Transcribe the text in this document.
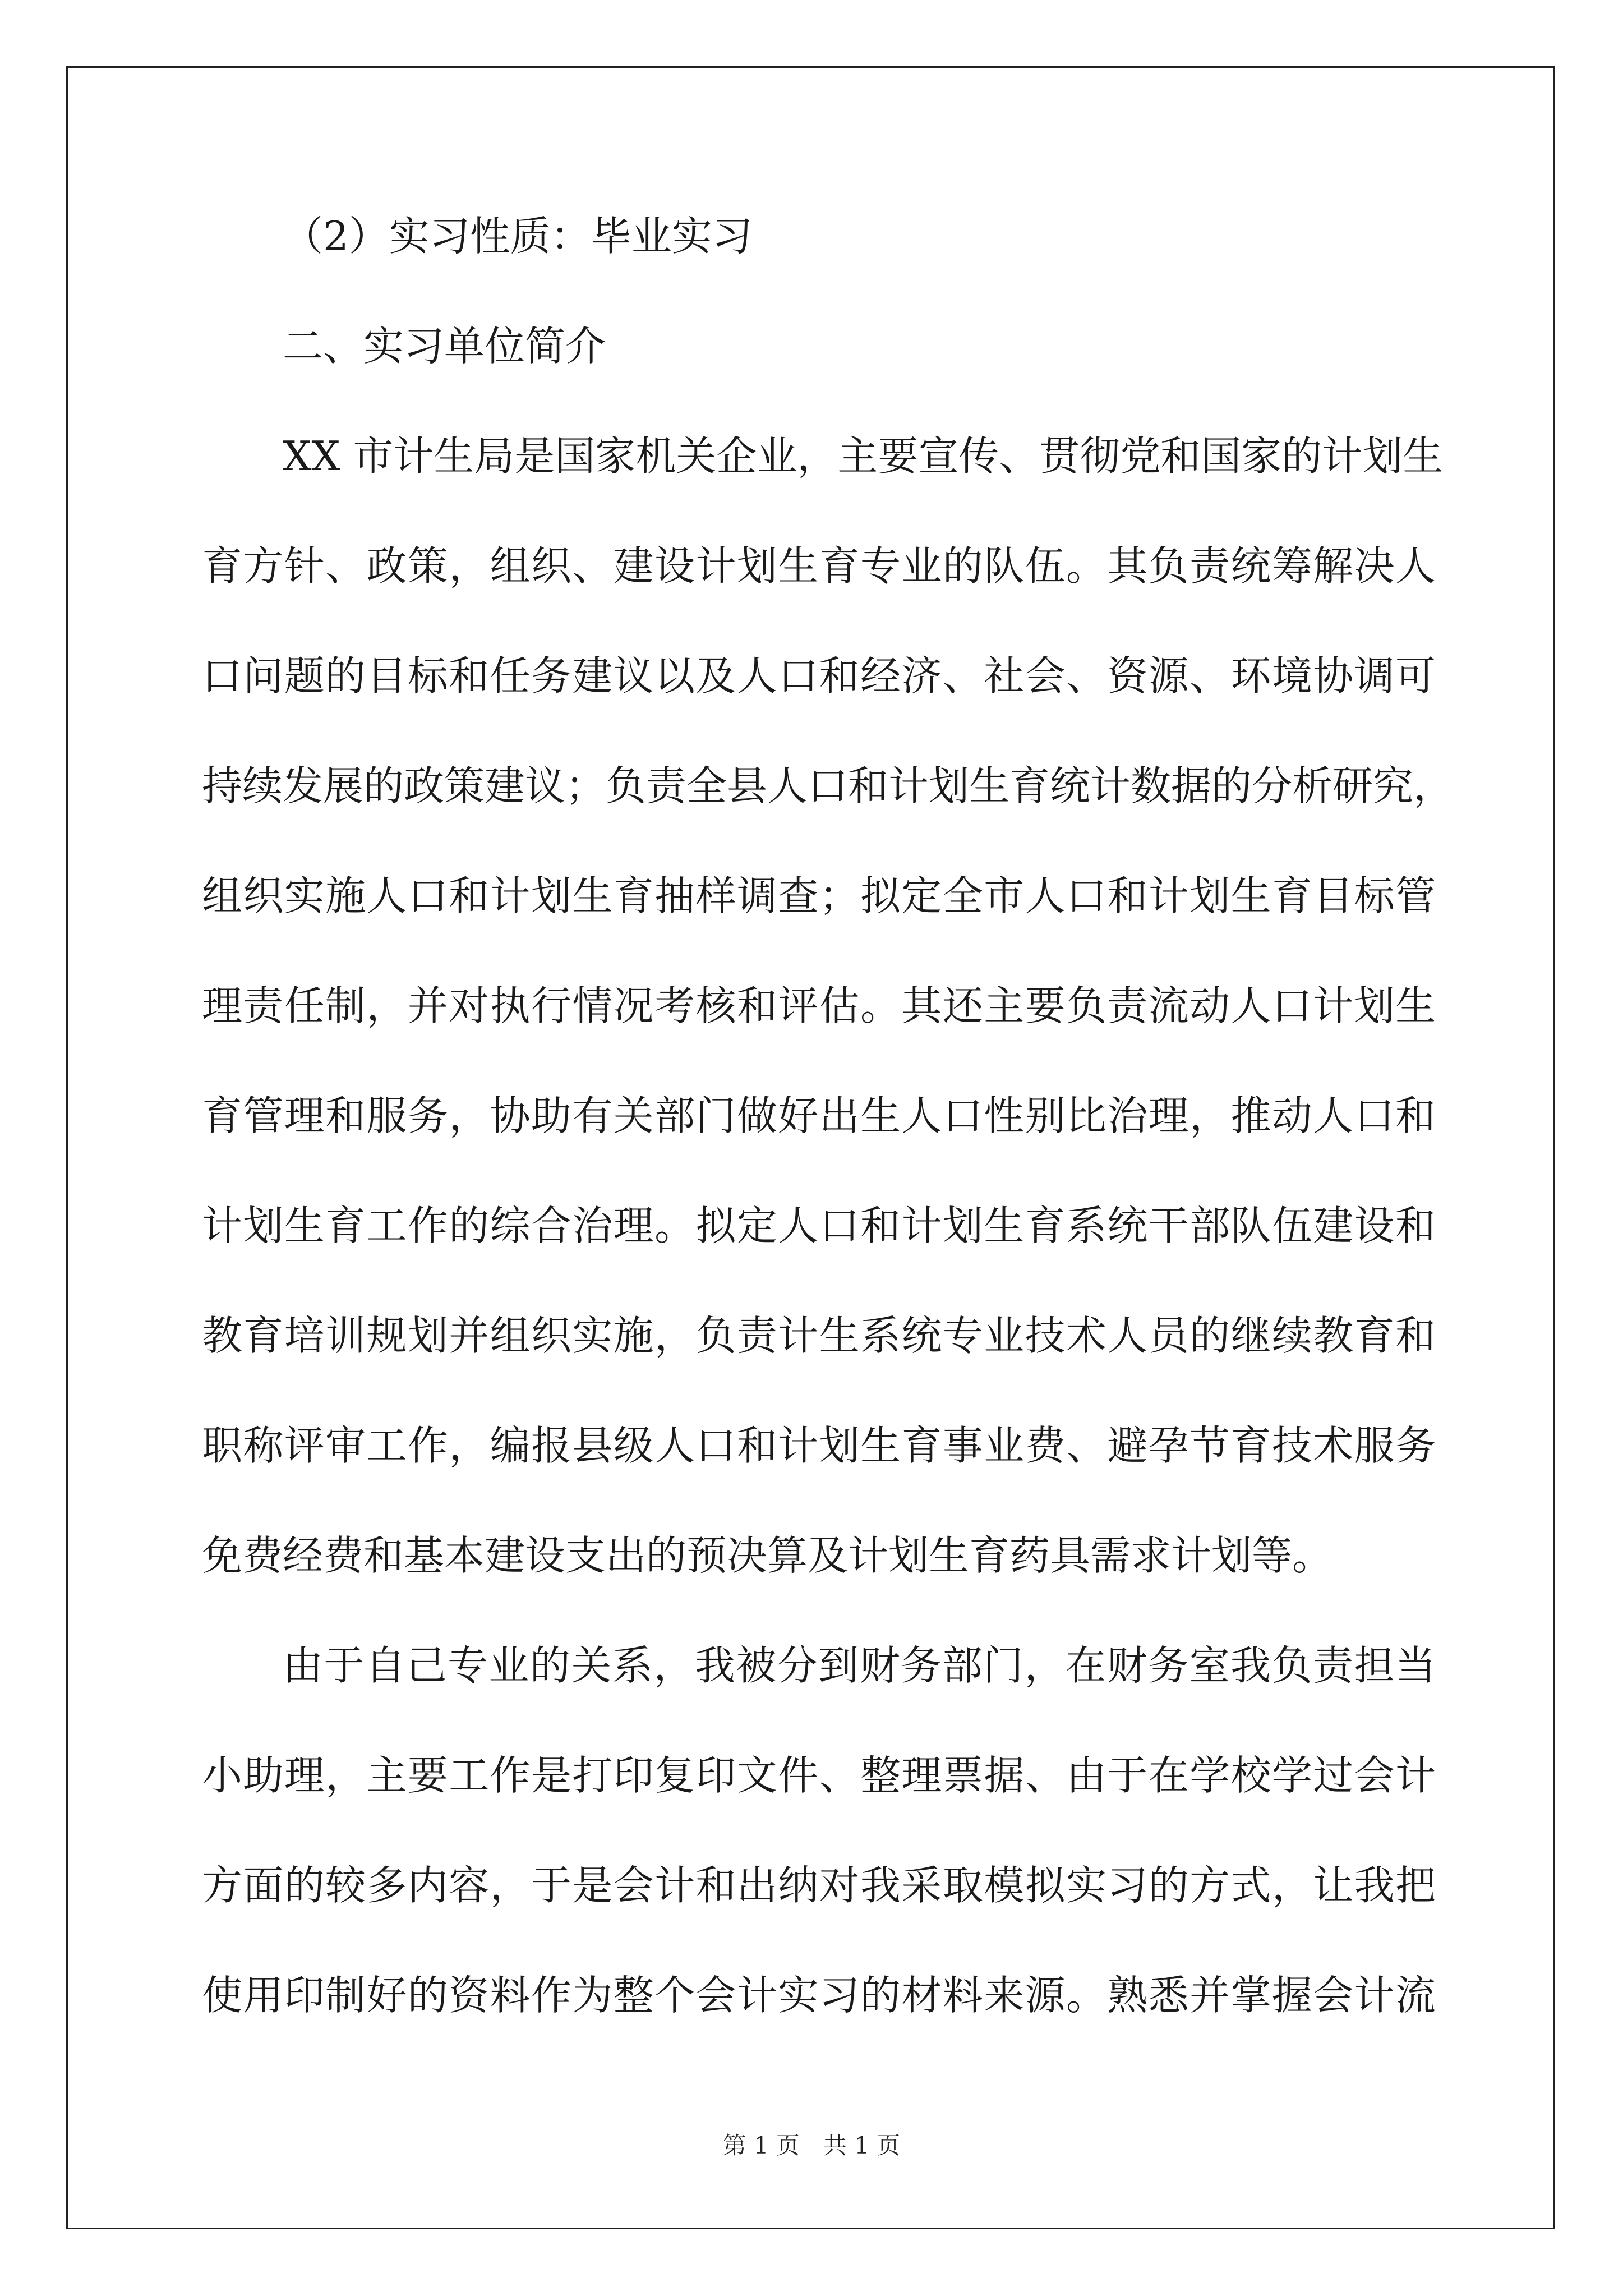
（2）实习性质：毕业实习

二、实习单位简介

XX 市计生局是国家机关企业，主要宣传、贯彻党和国家的计划生

育方针、政策，组织、建设计划生育专业的队伍。其负责统筹解决人

口问题的目标和任务建议以及人口和经济、社会、资源、环境协调可

持续发展的政策建议；负责全县人口和计划生育统计数据的分析研究，

组织实施人口和计划生育抽样调查；拟定全市人口和计划生育目标管

理责任制，并对执行情况考核和评估。其还主要负责流动人口计划生

育管理和服务，协助有关部门做好出生人口性别比治理，推动人口和

计划生育工作的综合治理。拟定人口和计划生育系统干部队伍建设和

教育培训规划并组织实施，负责计生系统专业技术人员的继续教育和

职称评审工作，编报县级人口和计划生育事业费、避孕节育技术服务

免费经费和基本建设支出的预决算及计划生育药具需求计划等。

由于自己专业的关系，我被分到财务部门，在财务室我负责担当

小助理，主要工作是打印复印文件、整理票据、由于在学校学过会计

方面的较多内容，于是会计和出纳对我采取模拟实习的方式，让我把

使用印制好的资料作为整个会计实习的材料来源。熟悉并掌握会计流

第 1 页　共 1 页
